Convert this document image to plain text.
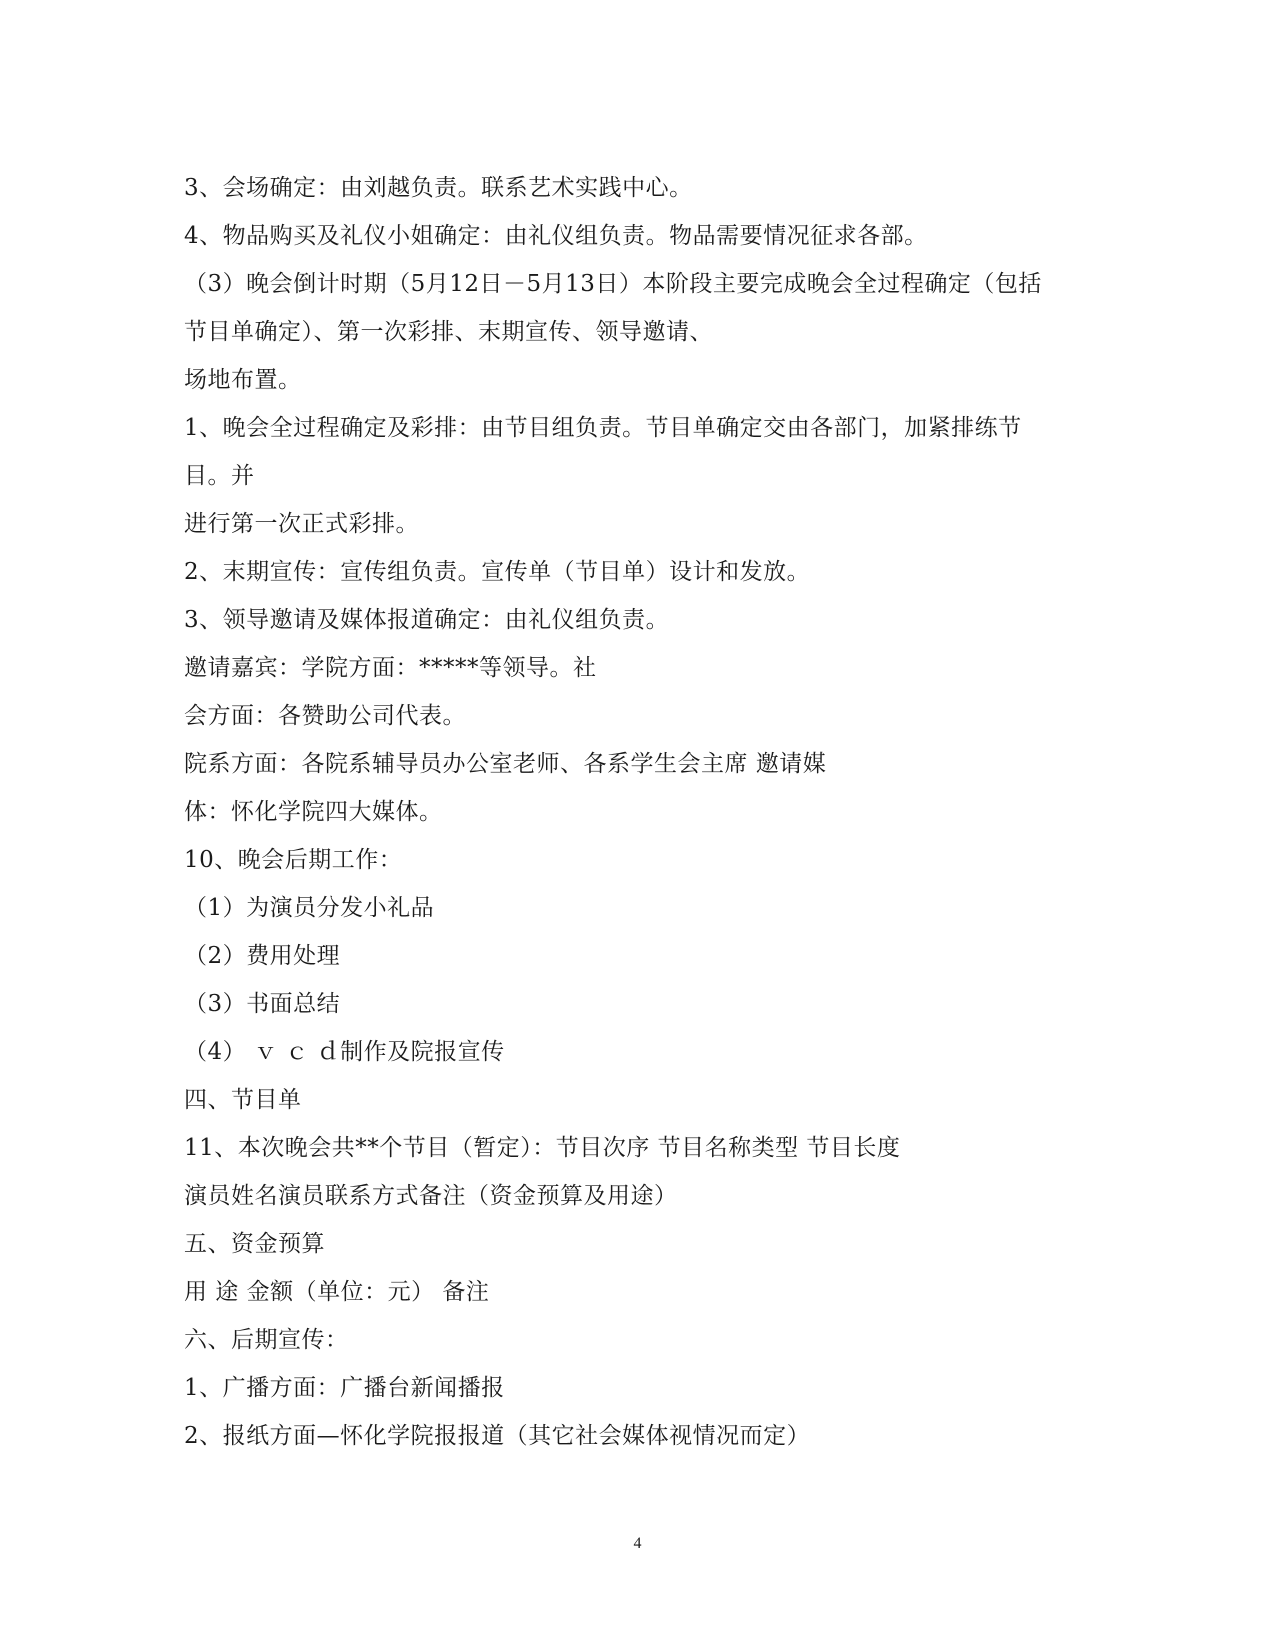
3、会场确定：由刘越负责。联系艺术实践中心。
4、物品购买及礼仪小姐确定：由礼仪组负责。物品需要情况征求各部。
（3）晚会倒计时期（5月12日－5月13日）本阶段主要完成晚会全过程确定（包括
节目单确定）、第一次彩排、末期宣传、领导邀请、
场地布置。
1、晚会全过程确定及彩排：由节目组负责。节目单确定交由各部门，加紧排练节
目。并
进行第一次正式彩排。
2、末期宣传：宣传组负责。宣传单（节目单）设计和发放。
3、领导邀请及媒体报道确定：由礼仪组负责。
邀请嘉宾：学院方面：*****等领导。社
会方面：各赞助公司代表。
院系方面：各院系辅导员办公室老师、各系学生会主席 邀请媒
体：怀化学院四大媒体。
10、晚会后期工作：
（1）为演员分发小礼品
（2）费用处理
（3）书面总结
（4） ｖ ｃ ｄ制作及院报宣传
四、节目单
11、本次晚会共**个节目（暂定）：节目次序 节目名称类型 节目长度
演员姓名演员联系方式备注（资金预算及用途）
五、资金预算
用 途 金额（单位：元） 备注
六、后期宣传：
1、广播方面：广播台新闻播报
2、报纸方面—怀化学院报报道（其它社会媒体视情况而定）
4
